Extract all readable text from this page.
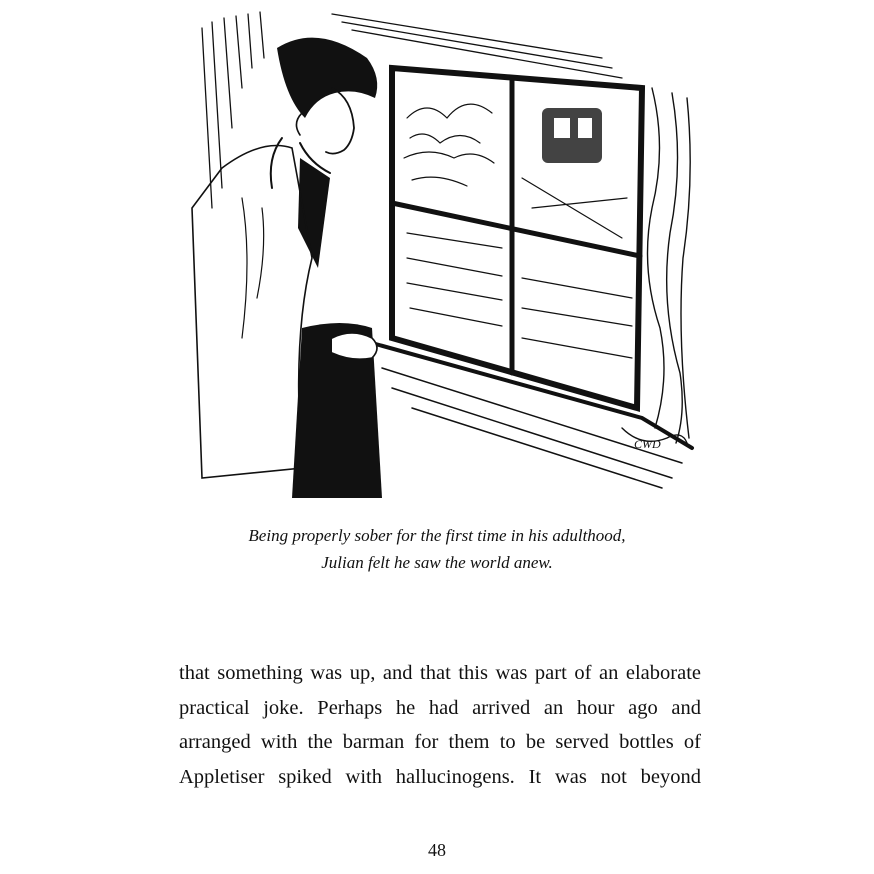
CWD
Being properly sober for the first time in his adulthood,
Julian felt he saw the world anew.
that something was up, and that this was part of an elaborate
practical joke. Perhaps he had arrived an hour ago and
arranged with the barman for them to be served bottles of
Appletiser spiked with hallucinogens. It was not beyond
48
